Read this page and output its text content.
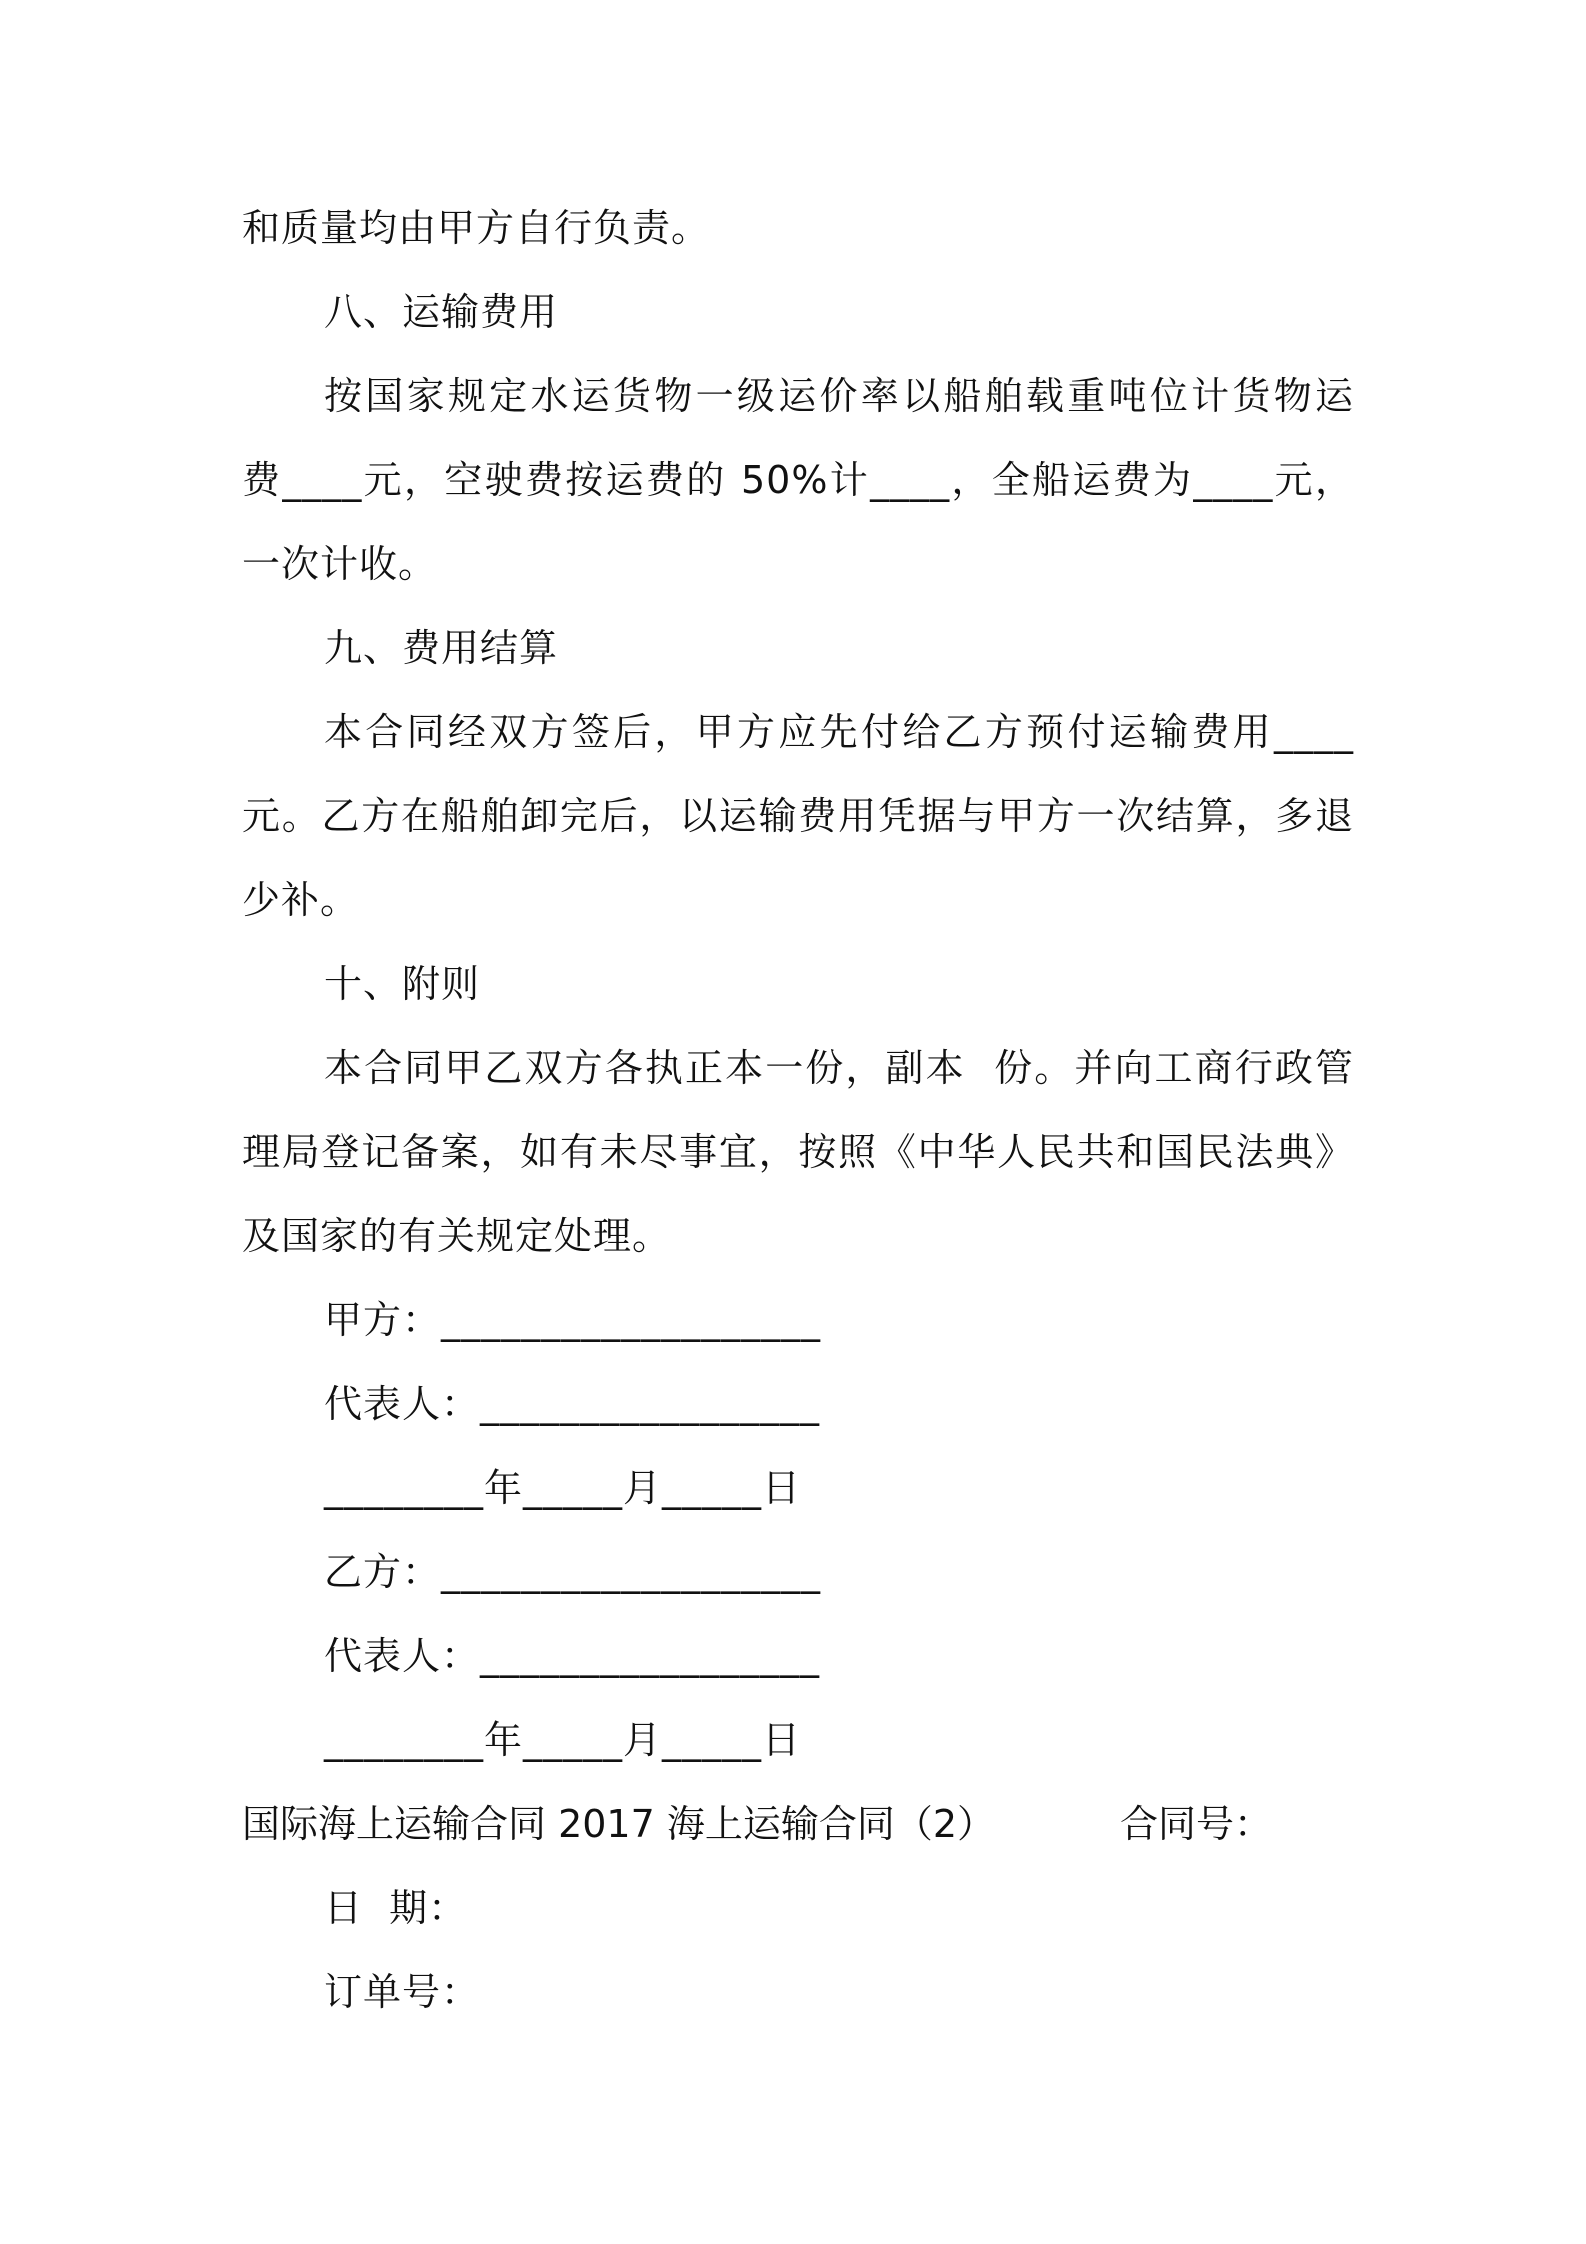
和质量均由甲方自行负责。
八、运输费用
按国家规定水运货物一级运价率以船舶载重吨位计货物运
费____元，空驶费按运费的 50%计____，全船运费为____元，
一次计收。
九、费用结算
本合同经双方签后，甲方应先付给乙方预付运输费用____
元。乙方在船舶卸完后，以运输费用凭据与甲方一次结算，多退
少补。
十、附则
本合同甲乙双方各执正本一份，副本  份。并向工商行政管
理局登记备案，如有未尽事宜，按照《中华人民共和国民法典》
及国家的有关规定处理。
甲方：___________________
代表人：_________________
________年_____月_____日
乙方：___________________
代表人：_________________
________年_____月_____日
国际海上运输合同 2017 海上运输合同（2）	合同号：
日  期：
订单号：
